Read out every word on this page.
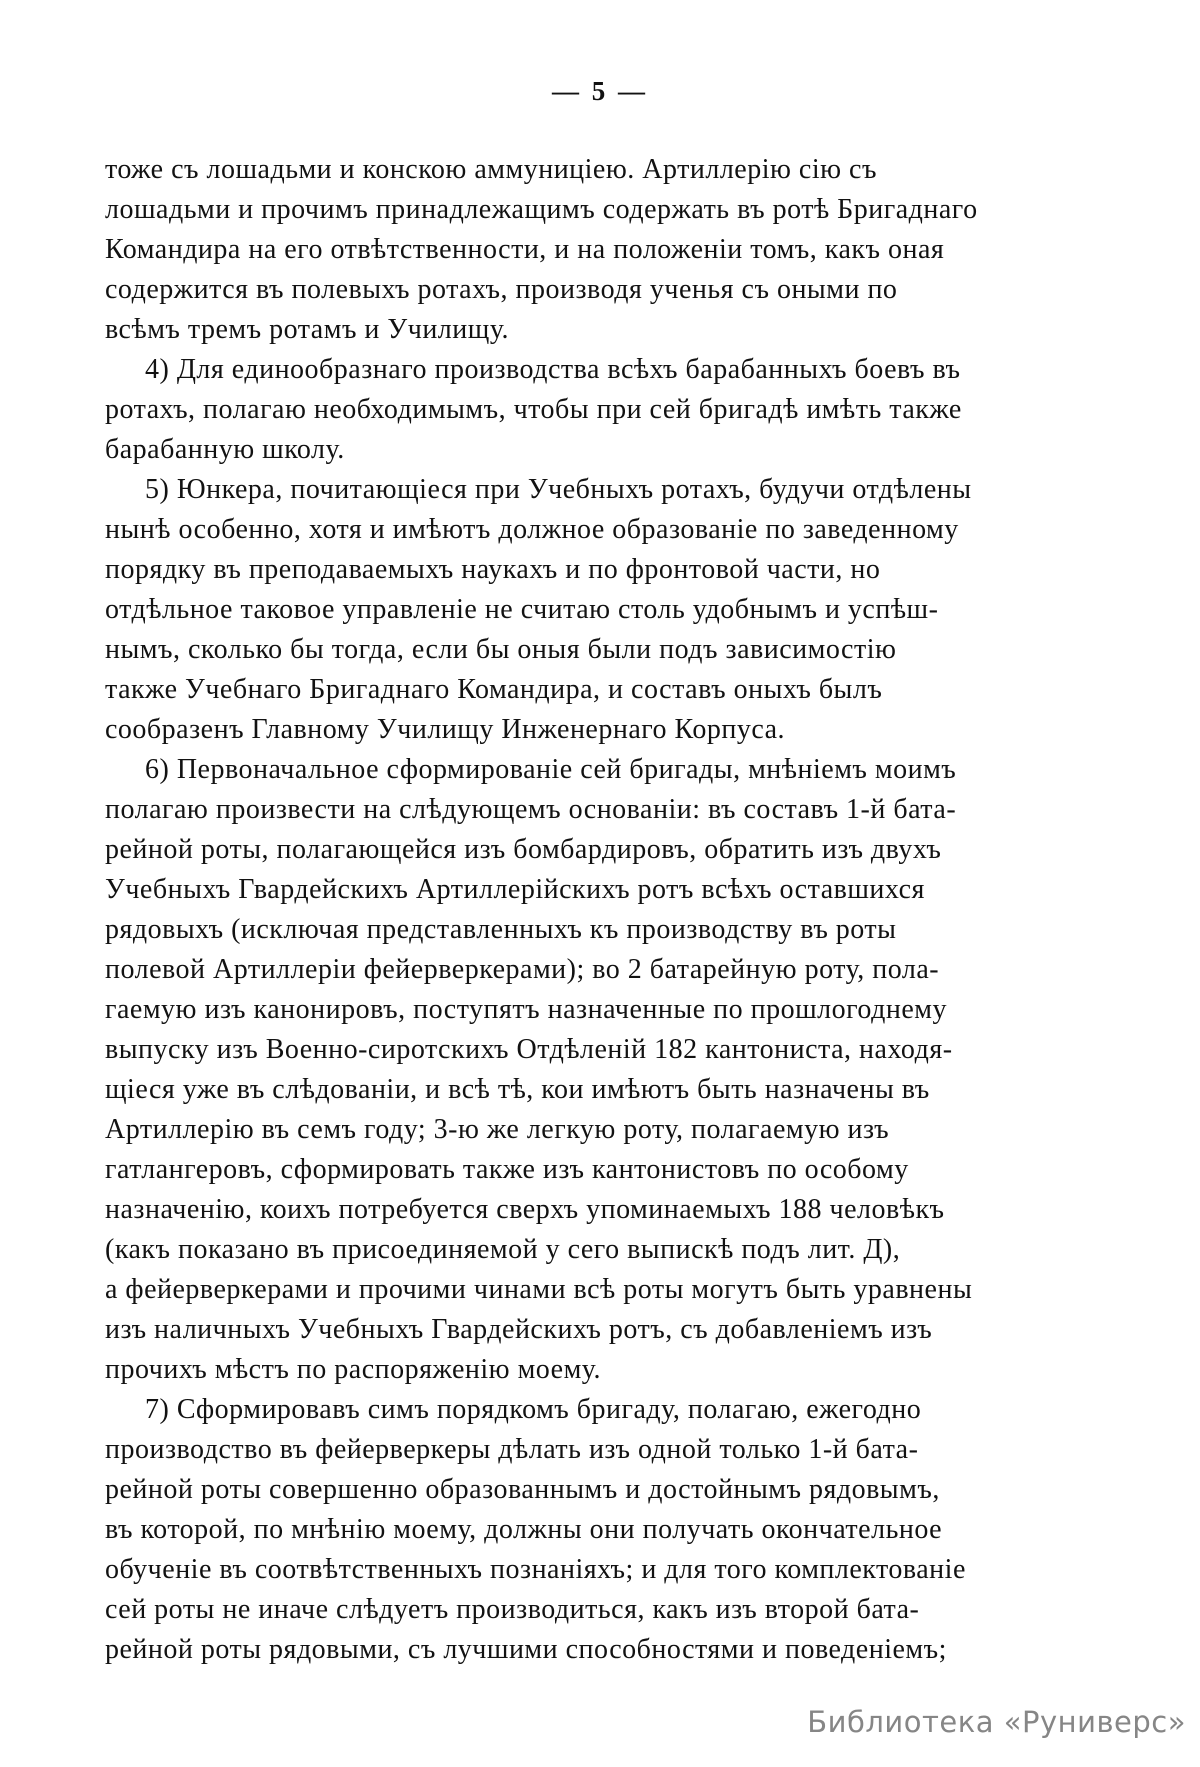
— 5 —
тоже съ лошадьми и конскою аммуниціею. Артиллерію сію съ
лошадьми и прочимъ принадлежащимъ содержать въ ротѣ Бригаднаго
Командира на его отвѣтственности, и на положеніи томъ, какъ оная
содержится въ полевыхъ ротахъ, производя ученья съ оными по
всѣмъ тремъ ротамъ и Училищу.
4) Для единообразнаго производства всѣхъ барабанныхъ боевъ въ
ротахъ, полагаю необходимымъ, чтобы при сей бригадѣ имѣть также
барабанную школу.
5) Юнкера, почитающіеся при Учебныхъ ротахъ, будучи отдѣлены
нынѣ особенно, хотя и имѣютъ должное образованіе по заведенному
порядку въ преподаваемыхъ наукахъ и по фронтовой части, но
отдѣльное таковое управленіе не считаю столь удобнымъ и успѣш-
нымъ, сколько бы тогда, если бы оныя были подъ зависимостію
также Учебнаго Бригаднаго Командира, и составъ оныхъ былъ
сообразенъ Главному Училищу Инженернаго Корпуса.
6) Первоначальное сформированіе сей бригады, мнѣніемъ моимъ
полагаю произвести на слѣдующемъ основаніи: въ составъ 1-й бата-
рейной роты, полагающейся изъ бомбардировъ, обратить изъ двухъ
Учебныхъ Гвардейскихъ Артиллерійскихъ ротъ всѣхъ оставшихся
рядовыхъ (исключая представленныхъ къ производству въ роты
полевой Артиллеріи фейерверкерами); во 2 батарейную роту, пола-
гаемую изъ канонировъ, поступятъ назначенные по прошлогоднему
выпуску изъ Военно-сиротскихъ Отдѣленій 182 кантониста, находя-
щіеся уже въ слѣдованіи, и всѣ тѣ, кои имѣютъ быть назначены въ
Артиллерію въ семъ году; 3-ю же легкую роту, полагаемую изъ
гатлангеровъ, сформировать также изъ кантонистовъ по особому
назначенію, коихъ потребуется сверхъ упоминаемыхъ 188 человѣкъ
(какъ показано въ присоединяемой у сего выпискѣ подъ лит. Д),
а фейерверкерами и прочими чинами всѣ роты могутъ быть уравнены
изъ наличныхъ Учебныхъ Гвардейскихъ ротъ, съ добавленіемъ изъ
прочихъ мѣстъ по распоряженію моему.
7) Сформировавъ симъ порядкомъ бригаду, полагаю, ежегодно
производство въ фейерверкеры дѣлать изъ одной только 1-й бата-
рейной роты совершенно образованнымъ и достойнымъ рядовымъ,
въ которой, по мнѣнію моему, должны они получать окончательное
обученіе въ соотвѣтственныхъ познаніяхъ; и для того комплектованіе
сей роты не иначе слѣдуетъ производиться, какъ изъ второй бата-
рейной роты рядовыми, съ лучшими способностями и поведеніемъ;
Библиотека «Руниверс»
